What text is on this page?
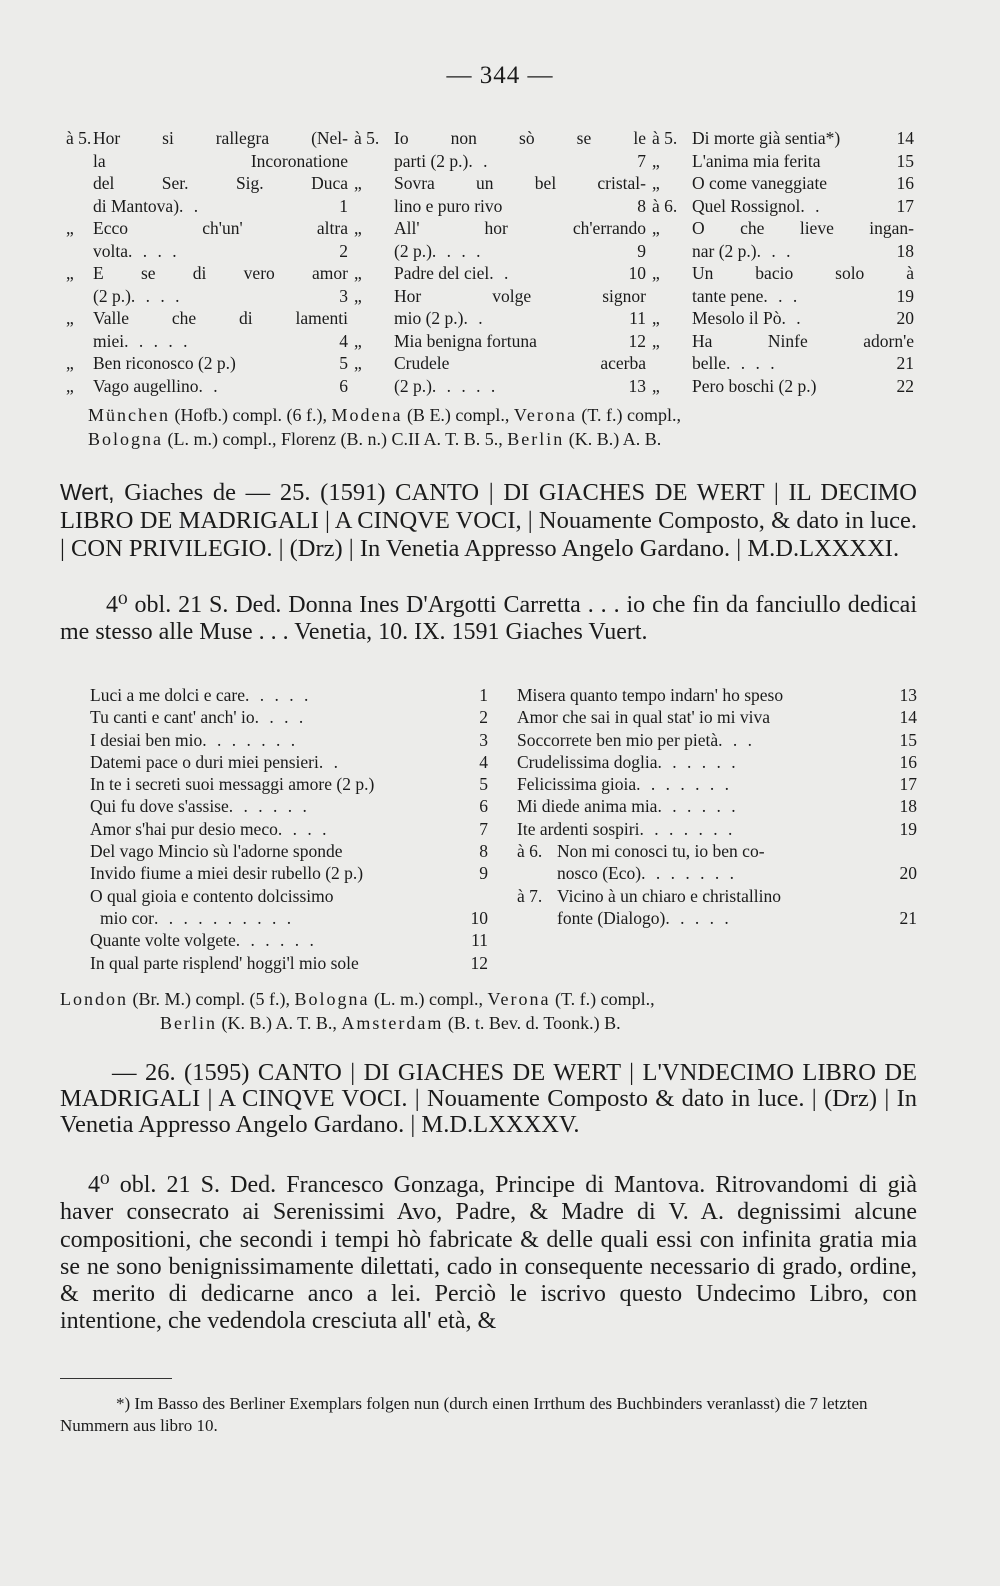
— 344 —
à 5. Hor si rallegra (Nel-
la Incoronatione
del Ser. Sig. Duca
di Mantova) . .	1
„	Ecco ch'un' altra
volta . . . .	2
„	E se di vero amor
(2 p.) . . . .	3
„	Valle che di lamenti
miei . . . . .	4
„	Ben riconosco (2 p.)	5
„	Vago augellino . .	6
à 5. Io non sò se le
parti (2 p.) . .	7
„	Sovra un bel cristal-
lino e puro rivo	8
„	All' hor ch'errando
(2 p.) . . . .	9
„	Padre del ciel . .	10
„	Hor volge signor
mio (2 p.) . .	11
„	Mia benigna fortuna	12
„	Crudele acerba
(2 p.) . . . . .	13
à 5. Di morte già sentia*)	14
„	L'anima mia ferita	15
„	O come vaneggiate	16
à 6. Quel Rossignol . .	17
„	O che lieve ingan-
nar (2 p.) . . .	18
„	Un bacio solo à
tante pene . . .	19
„	Mesolo il Pò . .	20
„	Ha Ninfe adorn'e
belle . . . .	21
„	Pero boschi (2 p.)	22
München (Hofb.) compl. (6 f.), Modena (B E.) compl., Verona (T. f.) compl.,
Bologna (L. m.) compl., Florenz (B. n.) C.II A. T. B. 5., Berlin (K. B.) A. B.
Wert, Giaches de — 25. (1591) CANTO | DI GIACHES DE WERT | IL DECIMO LIBRO DE MADRIGALI | A CINQVE VOCI, | Nouamente Composto, & dato in luce. | CON PRIVILEGIO. | (Drz) | In Venetia Appresso Angelo Gardano. | M.D.LXXXXI.
4⁰ obl. 21 S. Ded. Donna Ines D'Argotti Carretta . . . io che fin da fanciullo dedicai me stesso alle Muse . . . Venetia, 10. IX. 1591 Giaches Vuert.
Luci a me dolci e care . . . . .	1
Tu canti e cant' anch' io . . . .	2
I desiai ben mio . . . . . . .	3
Datemi pace o duri miei pensieri . .	4
In te i secreti suoi messaggi amore (2 p.)	5
Qui fu dove s'assise . . . . . .	6
Amor s'hai pur desio meco . . . .	7
Del vago Mincio sù l'adorne sponde	8
Invido fiume a miei desir rubello (2 p.)	9
O qual gioia e contento dolcissimo
mio cor . . . . . . . . . .	10
Quante volte volgete . . . . . .	11
In qual parte risplend' hoggi'l mio sole	12
Misera quanto tempo indarn' ho speso	13
Amor che sai in qual stat' io mi viva	14
Soccorrete ben mio per pietà . . .	15
Crudelissima doglia . . . . . .	16
Felicissima gioia . . . . . . .	17
Mi diede anima mia . . . . . .	18
Ite ardenti sospiri . . . . . . .	19
à 6. Non mi conosci tu, io ben co-
nosco (Eco) . . . . . . .	20
à 7. Vicino à un chiaro e christallino
fonte (Dialogo) . . . . .	21
London (Br. M.) compl. (5 f.), Bologna (L. m.) compl., Verona (T. f.) compl.,
Berlin (K. B.) A. T. B., Amsterdam (B. t. Bev. d. Toonk.) B.
— 26. (1595) CANTO | DI GIACHES DE WERT | L'VNDECIMO LIBRO DE MADRIGALI | A CINQVE VOCI. | Nouamente Composto & dato in luce. | (Drz) | In Venetia Appresso Angelo Gardano. | M.D.LXXXXV.
4⁰ obl. 21 S. Ded. Francesco Gonzaga, Principe di Mantova. Ritrovandomi di già haver consecrato ai Serenissimi Avo, Padre, & Madre di V. A. degnissimi alcune compositioni, che secondi i tempi hò fabricate & delle quali essi con infinita gratia mia se ne sono benignissimamente dilettati, cado in consequente necessario di grado, ordine, & merito di dedicarne anco a lei. Perciò le iscrivo questo Undecimo Libro, con intentione, che vedendola cresciuta all' età, &
*) Im Basso des Berliner Exemplars folgen nun (durch einen Irrthum des Buchbinders veranlasst) die 7 letzten Nummern aus libro 10.
